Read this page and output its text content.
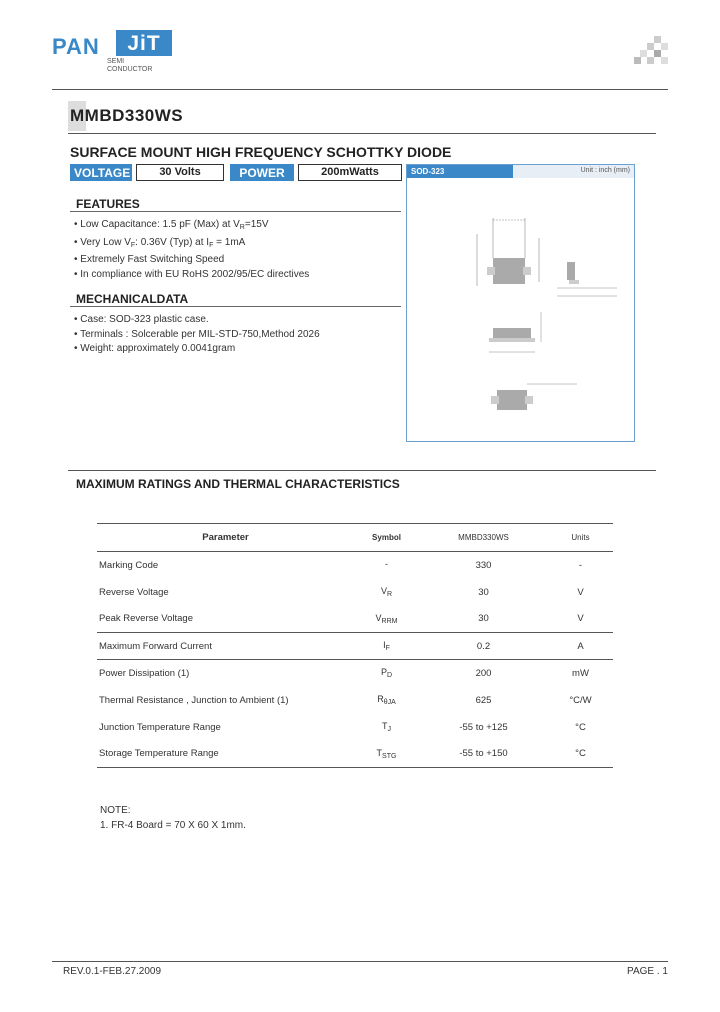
PAN	JiT
SEMI
CONDUCTOR
MMBD330WS
SURFACE MOUNT HIGH FREQUENCY SCHOTTKY DIODE
VOLTAGE	30 Volts	POWER	200mWatts
FEATURES
• Low Capacitance: 1.5 pF (Max) at $V_R=15V$
• Very Low $V_F$: 0.36V (Typ) at $I_F = 1mA$
• Extremely Fast Switching Speed
• In compliance with EU RoHS 2002/95/EC directives
MECHANICALDATA
• Case: SOD-323 plastic case.
• Terminals : Solcerable per MIL-STD-750,Method 2026
• Weight: approximately 0.0041gram
SOD-323	Unit : inch (mm)
MAXIMUM RATINGS AND THERMAL CHARACTERISTICS
Parameter	Symbol	MMBD330WS	Units
Marking Code	-	330	-
Reverse Voltage	$V_R$	30	V
Peak Reverse Voltage	$V_{RRM}$	30	V
Maximum Forward Current	$I_F$	0.2	A
Power Dissipation (1)	$P_D$	200	mW
Thermal Resistance , Junction to Ambient (1)	$R_{\theta JA}$	625	°C/W
Junction Temperature Range	$T_J$	-55 to +125	°C
Storage Temperature Range	$T_{STG}$	-55 to +150	°C
NOTE:
1. FR-4 Board = 70 X 60 X 1mm.
REV.0.1-FEB.27.2009	PAGE . 1
